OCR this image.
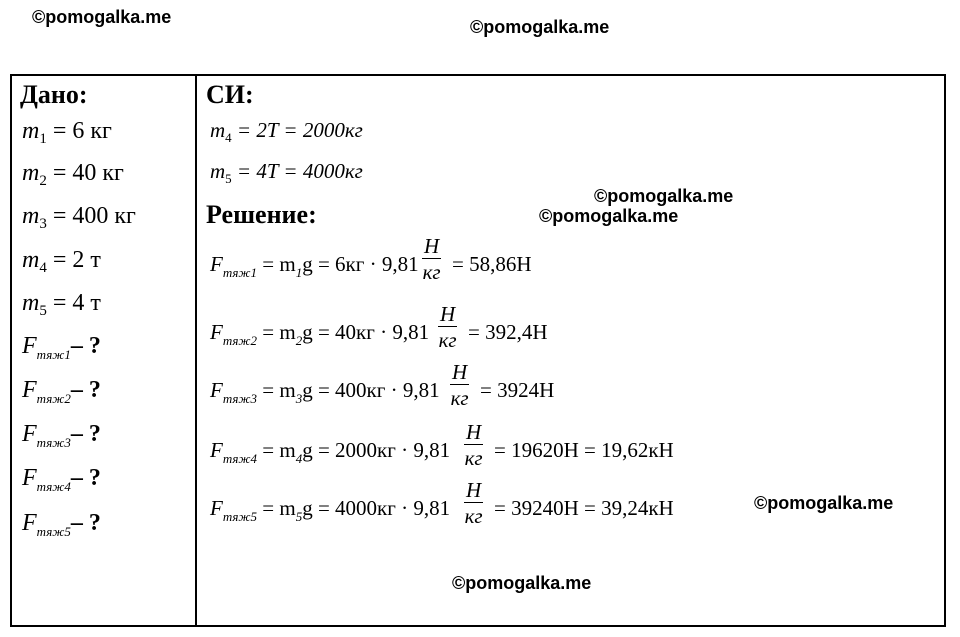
©pomogalka.me	©pomogalka.me
©pomogalka.me
©pomogalka.me
©pomogalka.me
©pomogalka.me
Дано:
$m_1 = 6$ кг
$m_2 = 40$ кг
$m_3 = 400$ кг
$m_4 = 2$ т
$m_5 = 4$ т
$F_{тяж1}-$ ?
$F_{тяж2}-$ ?
$F_{тяж3}-$ ?
$F_{тяж4}-$ ?
$F_{тяж5}-$ ?
СИ:
$m_4 = 2T = 2000кг$
$m_5 = 4T = 4000кг$
Решение:
$F_{тяж1} = m_1g = 6кг \cdot 9,81$
H
кг = 58,86H
$F_{тяж2} = m_2g = 40кг \cdot 9,81$
H
кг = 392,4H
$F_{тяж3} = m_3g = 400кг \cdot 9,81$
H
кг = 3924H
$F_{тяж4} = m_4g = 2000кг \cdot 9,81$
H
кг = 19620H = 19,62кH
$F_{тяж5} = m_5g = 4000кг \cdot 9,81$
H
кг = 39240H = 39,24кH
